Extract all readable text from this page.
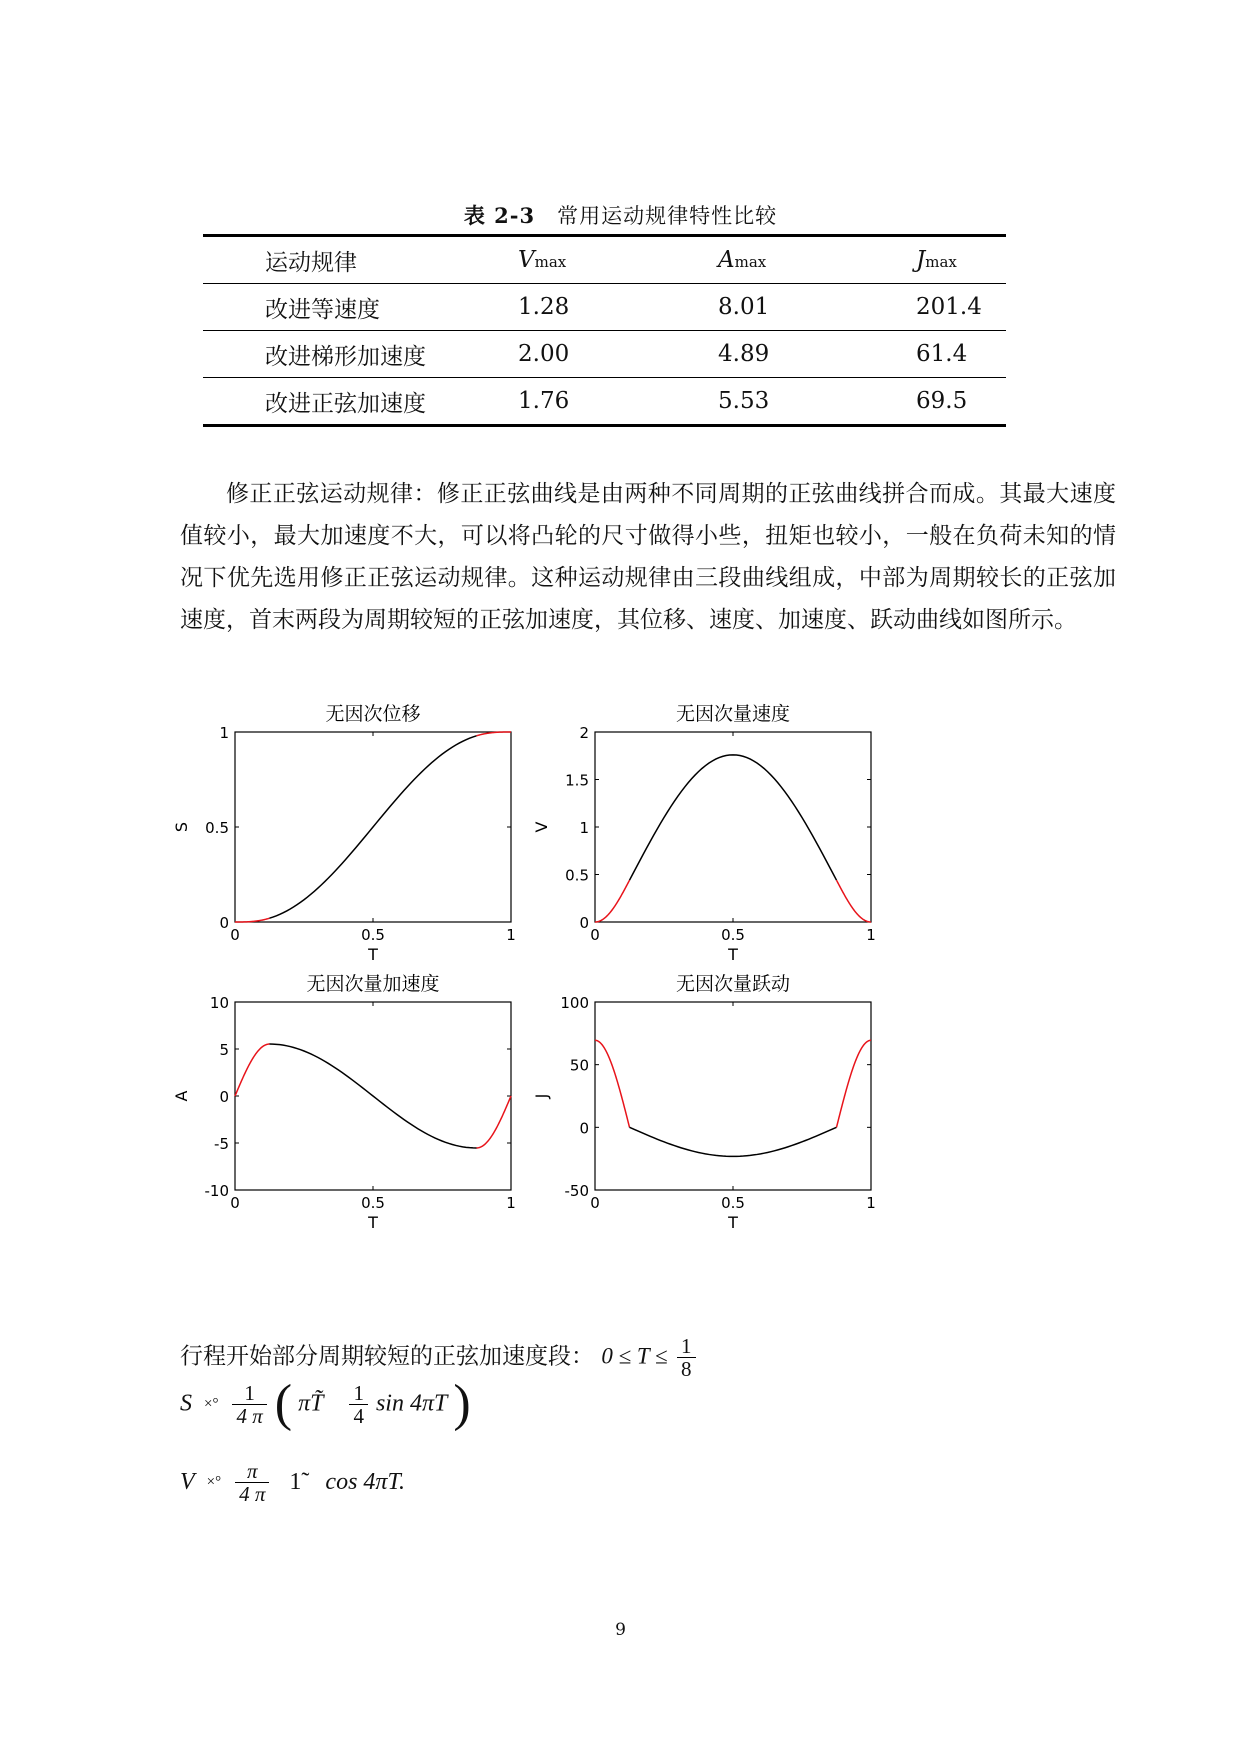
表 2-3 常用运动规律特性比较
运动规律	Vmax	Amax	Jmax
改进等速度	1.28	8.01	201.4
改进梯形加速度	2.00	4.89	61.4
改进正弦加速度	1.76	5.53	69.5
修正正弦运动规律：修正正弦曲线是由两种不同周期的正弦曲线拼合而成。其最大速度值较小，最大加速度不大，可以将凸轮的尺寸做得小些，扭矩也较小，一般在负荷未知的情况下优先选用修正正弦运动规律。这种运动规律由三段曲线组成，中部为周期较长的正弦加速度，首末两段为周期较短的正弦加速度，其位移、速度、加速度、跃动曲线如图所示。
无因次位移
0	0.5	1
0
0.5
1
T
S
无因次量速度
0	0.5	1
0
0.5
1
1.5
2
T
V
无因次量加速度
0	0.5	1
-10
-5
0
5
10
T
A
无因次量跃动
0	0.5	1
-50
0
50
100
T
J
行程开始部分周期较短的正弦加速度段： $0 \le T \le \frac{1}{8}$
S ×° $\frac{1}{4 \pi}$ ( πT̃ $\frac{1}{4}$ sin 4πT )
V ×° $\frac{\pi}{4 \pi}$ 1̃ cos 4πT.
9
